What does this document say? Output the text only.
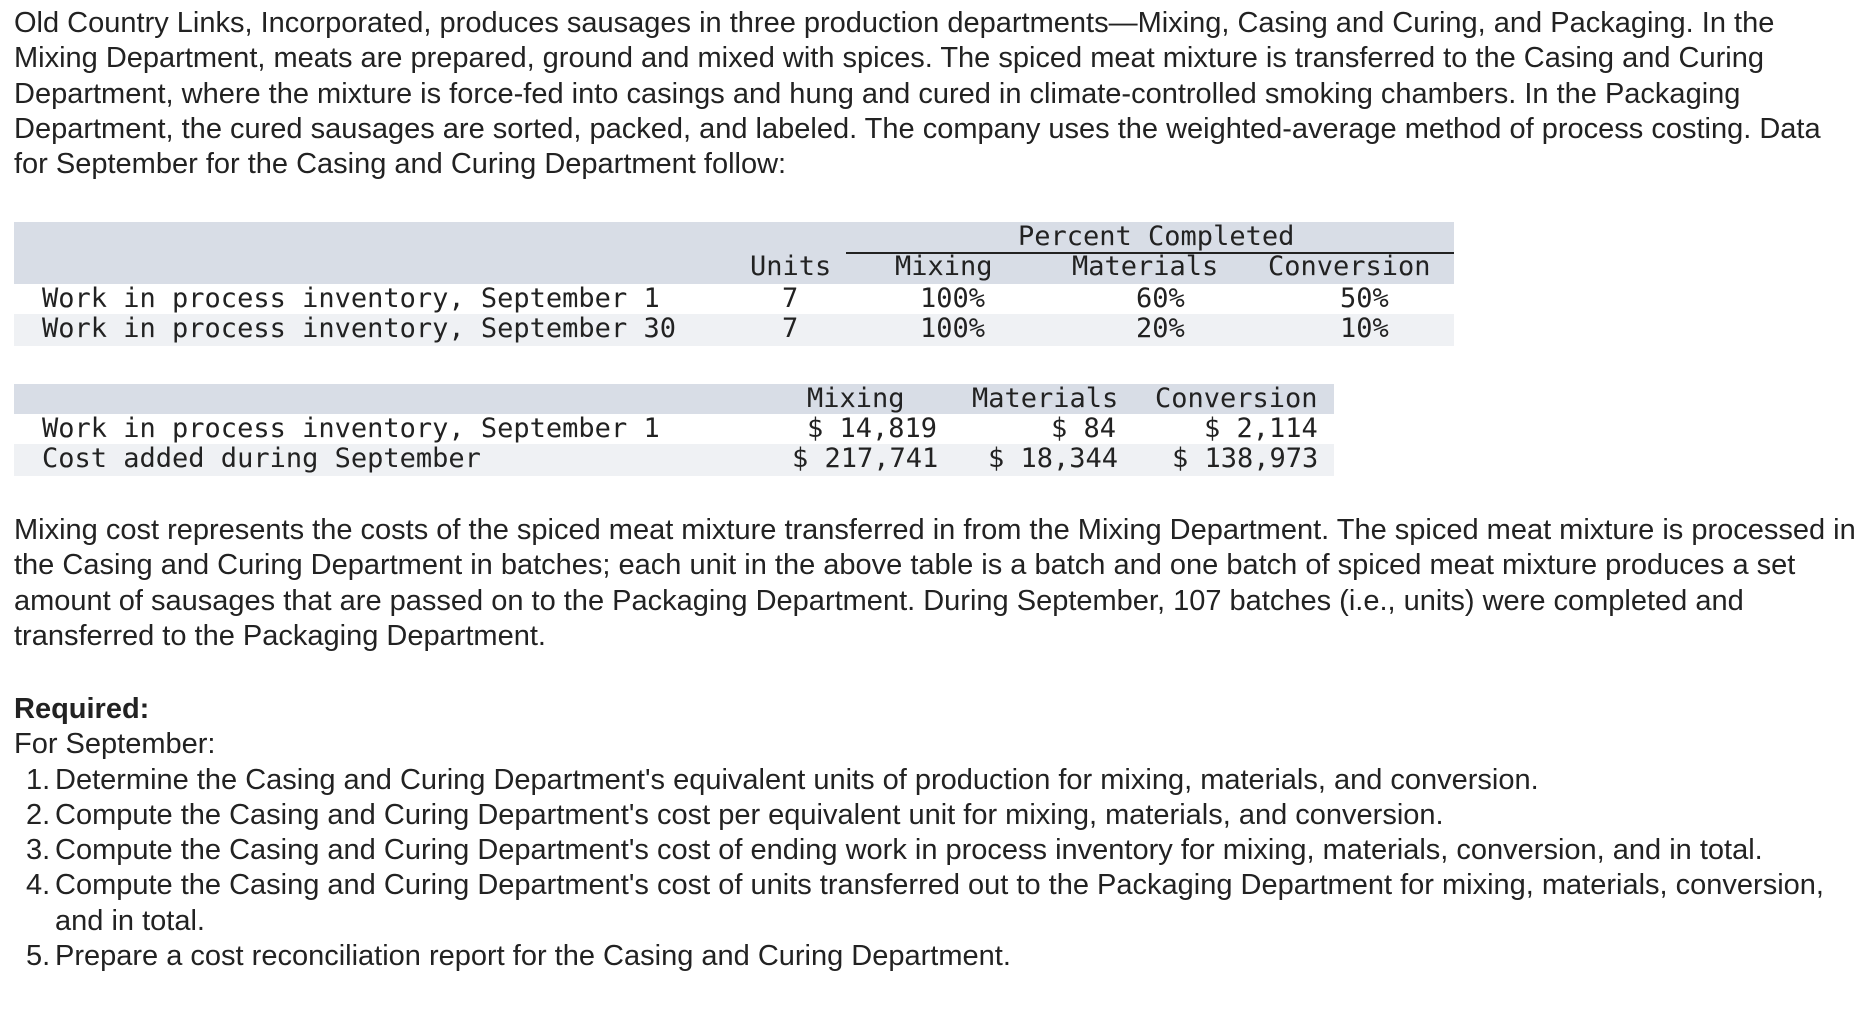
Old Country Links, Incorporated, produces sausages in three production departments—Mixing, Casing and Curing, and Packaging. In the Mixing Department, meats are prepared, ground and mixed with spices. The spiced meat mixture is transferred to the Casing and Curing Department, where the mixture is force-fed into casings and hung and cured in climate-controlled smoking chambers. In the Packaging Department, the cured sausages are sorted, packed, and labeled. The company uses the weighted-average method of process costing. Data for September for the Casing and Curing Department follow:

Percent Completed
Units Mixing	Materials Conversion
Work in process inventory, September 1	7	100%	60%	50%
Work in process inventory, September 30	7	100%	20%	10%
Mixing Materials Conversion
Work in process inventory, September 1	$ 14,819	$ 84	$ 2,114
Cost added during September	$ 217,741 $ 18,344 $ 138,973

Mixing cost represents the costs of the spiced meat mixture transferred in from the Mixing Department. The spiced meat mixture is processed in the Casing and Curing Department in batches; each unit in the above table is a batch and one batch of spiced meat mixture produces a set amount of sausages that are passed on to the Packaging Department. During September, 107 batches (i.e., units) were completed and transferred to the Packaging Department.

Required:
For September:
1. Determine the Casing and Curing Department's equivalent units of production for mixing, materials, and conversion.
2. Compute the Casing and Curing Department's cost per equivalent unit for mixing, materials, and conversion.
3. Compute the Casing and Curing Department's cost of ending work in process inventory for mixing, materials, conversion, and in total.
4. Compute the Casing and Curing Department's cost of units transferred out to the Packaging Department for mixing, materials, conversion, and in total.
5. Prepare a cost reconciliation report for the Casing and Curing Department.
